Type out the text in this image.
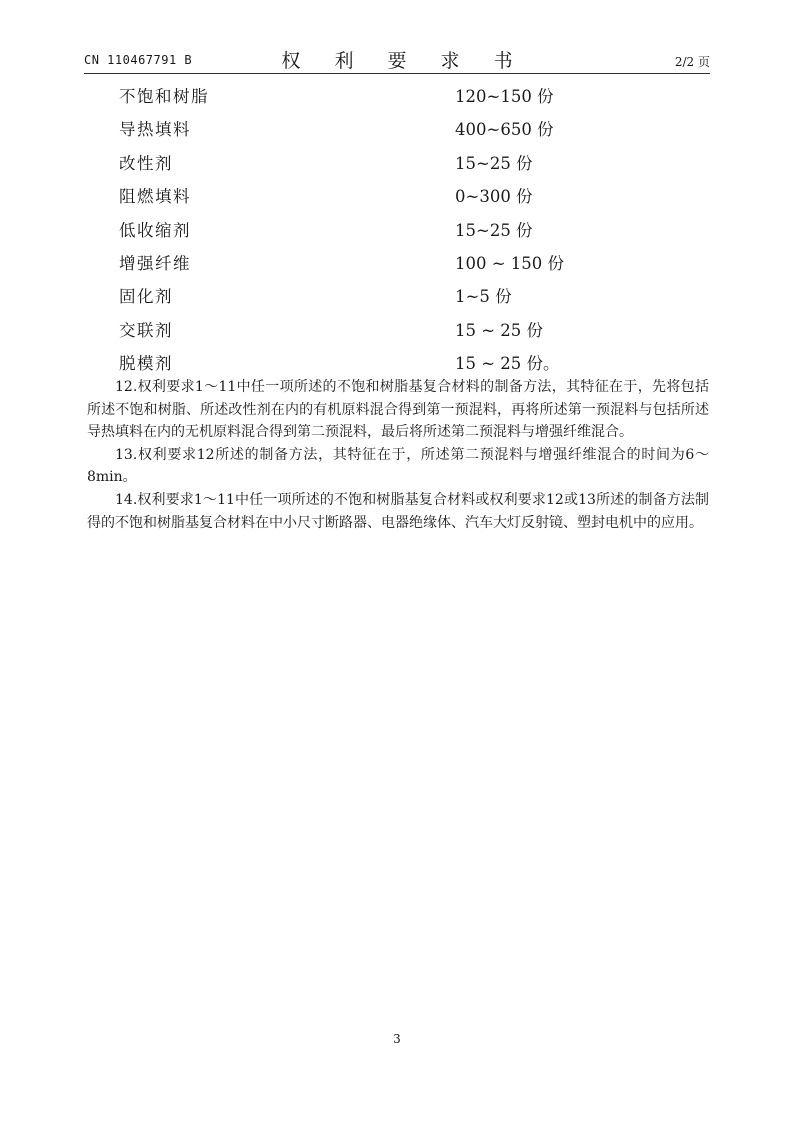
CN 110467791 B	权 利 要 求 书	2/2 页
不饱和树脂	120~150 份
导热填料	400~650 份
改性剂	15~25 份
阻燃填料	0~300 份
低收缩剂	15~25 份
增强纤维	100 ~ 150 份
固化剂	1~5 份
交联剂	15 ~ 25 份
脱模剂	15 ~ 25 份。

12.权利要求1～11中任一项所述的不饱和树脂基复合材料的制备方法，其特征在于，先将包括所述不饱和树脂、所述改性剂在内的有机原料混合得到第一预混料，再将所述第一预混料与包括所述导热填料在内的无机原料混合得到第二预混料，最后将所述第二预混料与增强纤维混合。

13.权利要求12所述的制备方法，其特征在于，所述第二预混料与增强纤维混合的时间为6～8min。

14.权利要求1～11中任一项所述的不饱和树脂基复合材料或权利要求12或13所述的制备方法制得的不饱和树脂基复合材料在中小尺寸断路器、电器绝缘体、汽车大灯反射镜、塑封电机中的应用。

3
